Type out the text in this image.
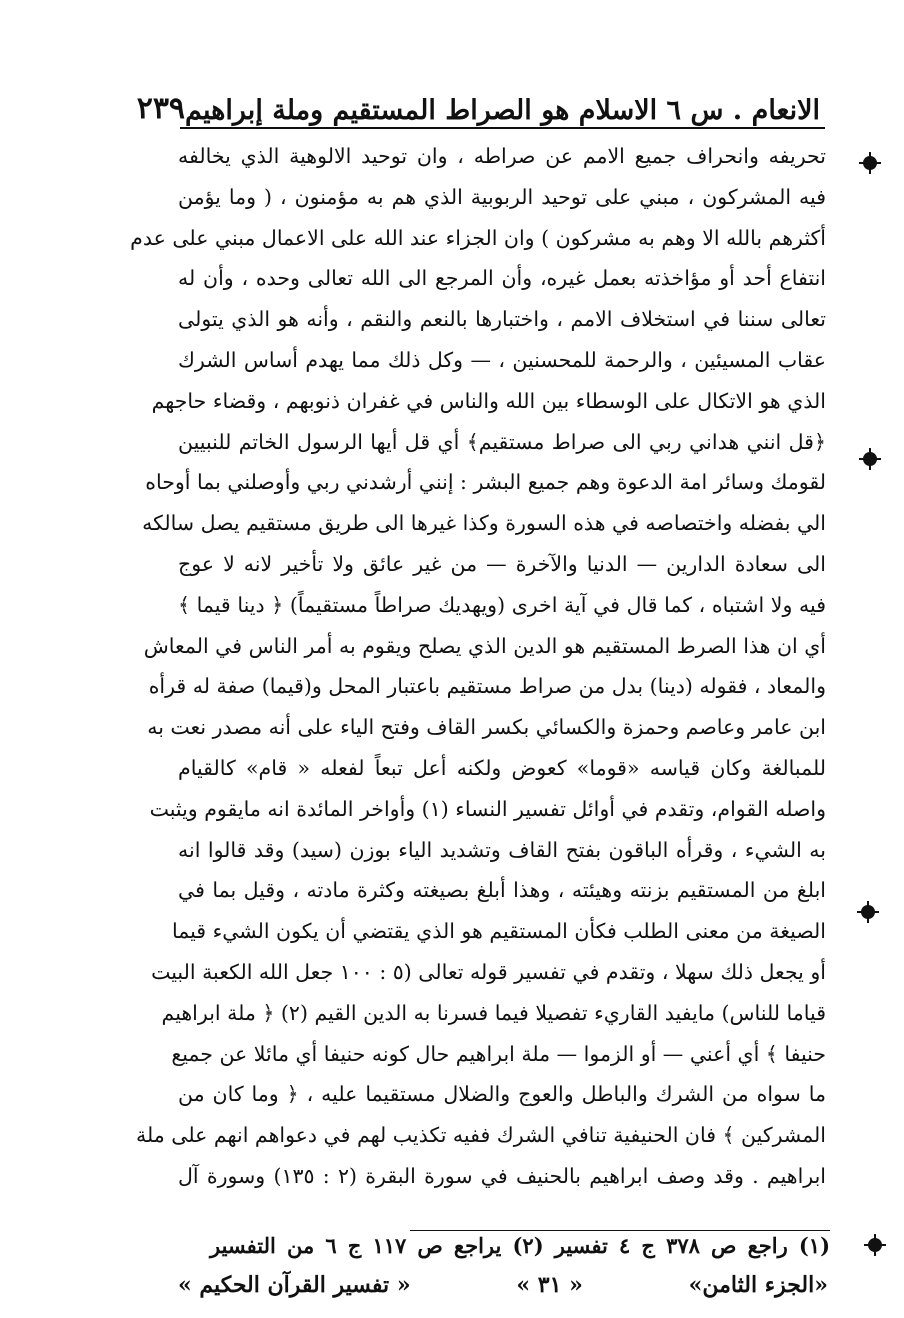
الانعام . س ٦ الاسلام هو الصراط المستقيم وملة إبراهيم
٢٣٩
تحريفه وانحراف جميع الامم عن صراطه ، وان توحيد الالوهية الذي يخالفه
فيه المشركون ، مبني على توحيد الربوبية الذي هم به مؤمنون ، ( وما يؤمن
أكثرهم بالله الا وهم به مشركون ) وان الجزاء عند الله على الاعمال مبني على عدم
انتفاع أحد أو مؤاخذته بعمل غيره، وأن المرجع الى الله تعالى وحده ، وأن له
تعالى سننا في استخلاف الامم ، واختبارها بالنعم والنقم ، وأنه هو الذي يتولى
عقاب المسيئين ، والرحمة للمحسنين ، — وكل ذلك مما يهدم أساس الشرك
الذي هو الاتكال على الوسطاء بين الله والناس في غفران ذنوبهم ، وقضاء حاجهم
﴿قل انني هداني ربي الى صراط مستقيم﴾ أي قل أيها الرسول الخاتم للنبيين
لقومك وسائر امة الدعوة وهم جميع البشر : إنني أرشدني ربي وأوصلني بما أوحاه
الي بفضله واختصاصه في هذه السورة وكذا غيرها الى طريق مستقيم يصل سالكه
الى سعادة الدارين — الدنيا والآخرة — من غير عائق ولا تأخير لانه لا عوج
فيه ولا اشتباه ، كما قال في آية اخرى (ويهديك صراطاً مستقيماً) ﴿ دينا قيما ﴾
أي ان هذا الصرط المستقيم هو الدين الذي يصلح ويقوم به أمر الناس في المعاش
والمعاد ، فقوله (دينا) بدل من صراط مستقيم باعتبار المحل و(قيما) صفة له قرأه
ابن عامر وعاصم وحمزة والكسائي بكسر القاف وفتح الياء على أنه مصدر نعت به
للمبالغة وكان قياسه «قوما» كعوض ولكنه أعل تبعاً لفعله « قام» كالقيام
واصله القوام، وتقدم في أوائل تفسير النساء (١) وأواخر المائدة انه مايقوم ويثبت
به الشيء ، وقرأه الباقون بفتح القاف وتشديد الياء بوزن (سيد) وقد قالوا انه
ابلغ من المستقيم بزنته وهيئته ، وهذا أبلغ بصيغته وكثرة مادته ، وقيل بما في
الصيغة من معنى الطلب فكأن المستقيم هو الذي يقتضي أن يكون الشيء قيما
أو يجعل ذلك سهلا ، وتقدم في تفسير قوله تعالى (٥ : ١٠٠ جعل الله الكعبة البيت
قياما للناس) مايفيد القاريء تفصيلا فيما فسرنا به الدين القيم (٢) ﴿ ملة ابراهيم
حنيفا ﴾ أي أعني — أو الزموا — ملة ابراهيم حال كونه حنيفا أي مائلا عن جميع
ما سواه من الشرك والباطل والعوج والضلال مستقيما عليه ، ﴿ وما كان من
المشركين ﴾ فان الحنيفية تنافي الشرك ففيه تكذيب لهم في دعواهم انهم على ملة
ابراهيم . وقد وصف ابراهيم بالحنيف في سورة البقرة (٢ : ١٣٥) وسورة آل
(١) راجع ص ٣٧٨ ج ٤ تفسير (٢) يراجع ص ١١٧ ج ٦ من التفسير
«الجزء الثامن»
« ٣١ »
« تفسير القرآن الحكيم »
